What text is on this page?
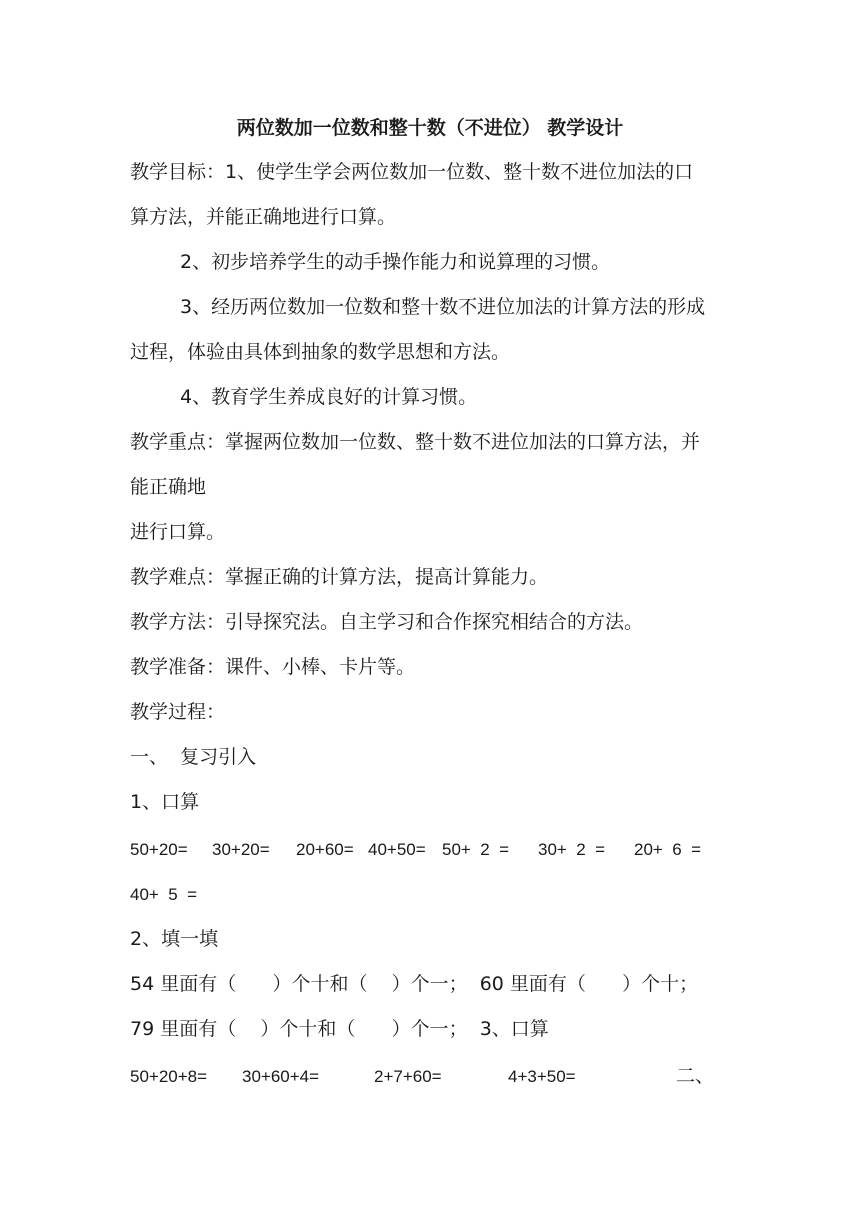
两位数加一位数和整十数（不进位） 教学设计
教学目标：1、使学生学会两位数加一位数、整十数不进位加法的口
算方法，并能正确地进行口算。
2、初步培养学生的动手操作能力和说算理的习惯。
3、经历两位数加一位数和整十数不进位加法的计算方法的形成
过程，体验由具体到抽象的数学思想和方法。
4、教育学生养成良好的计算习惯。
教学重点：掌握两位数加一位数、整十数不进位加法的口算方法，并
能正确地
进行口算。
教学难点：掌握正确的计算方法，提高计算能力。
教学方法：引导探究法。自主学习和合作探究相结合的方法。
教学准备：课件、小棒、卡片等。
教学过程：
一、  复习引入
1、口算

50+20=

30+20=

20+60=

40+50=

50+  2  =

30+  2  =

20+  6  =

40+  5  =
2、填一填
54 里面有（      ）个十和（    ）个一；  60 里面有（      ）个十；
79 里面有（    ）个十和（      ）个一；  3、口算

50+20+8=

30+60+4=

	2+7+60=

	4+3+50=

	二、
